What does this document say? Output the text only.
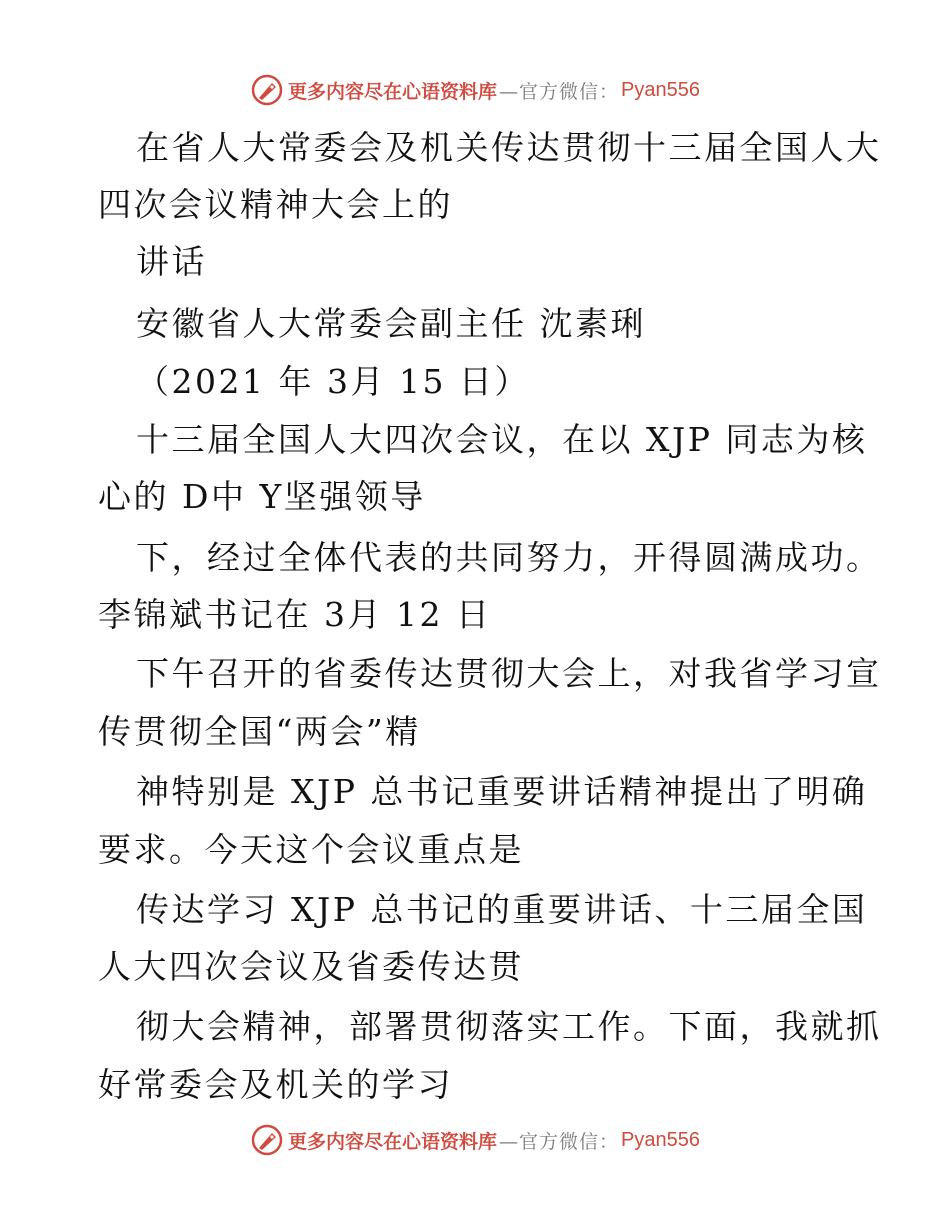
更多内容尽在心语资料库 —官方微信： Pyan556
在省人大常委会及机关传达贯彻十三届全国人大
四次会议精神大会上的
讲话
安徽省人大常委会副主任 沈素琍
（2021 年 3月 15 日）
十三届全国人大四次会议，在以 XJP 同志为核
心的 D中 Y坚强领导
下，经过全体代表的共同努力，开得圆满成功。
李锦斌书记在 3月 12 日
下午召开的省委传达贯彻大会上，对我省学习宣
传贯彻全国“两会”精
神特别是 XJP 总书记重要讲话精神提出了明确
要求。今天这个会议重点是
传达学习 XJP 总书记的重要讲话、十三届全国
人大四次会议及省委传达贯
彻大会精神，部署贯彻落实工作。下面，我就抓
好常委会及机关的学习
更多内容尽在心语资料库 —官方微信： Pyan556
